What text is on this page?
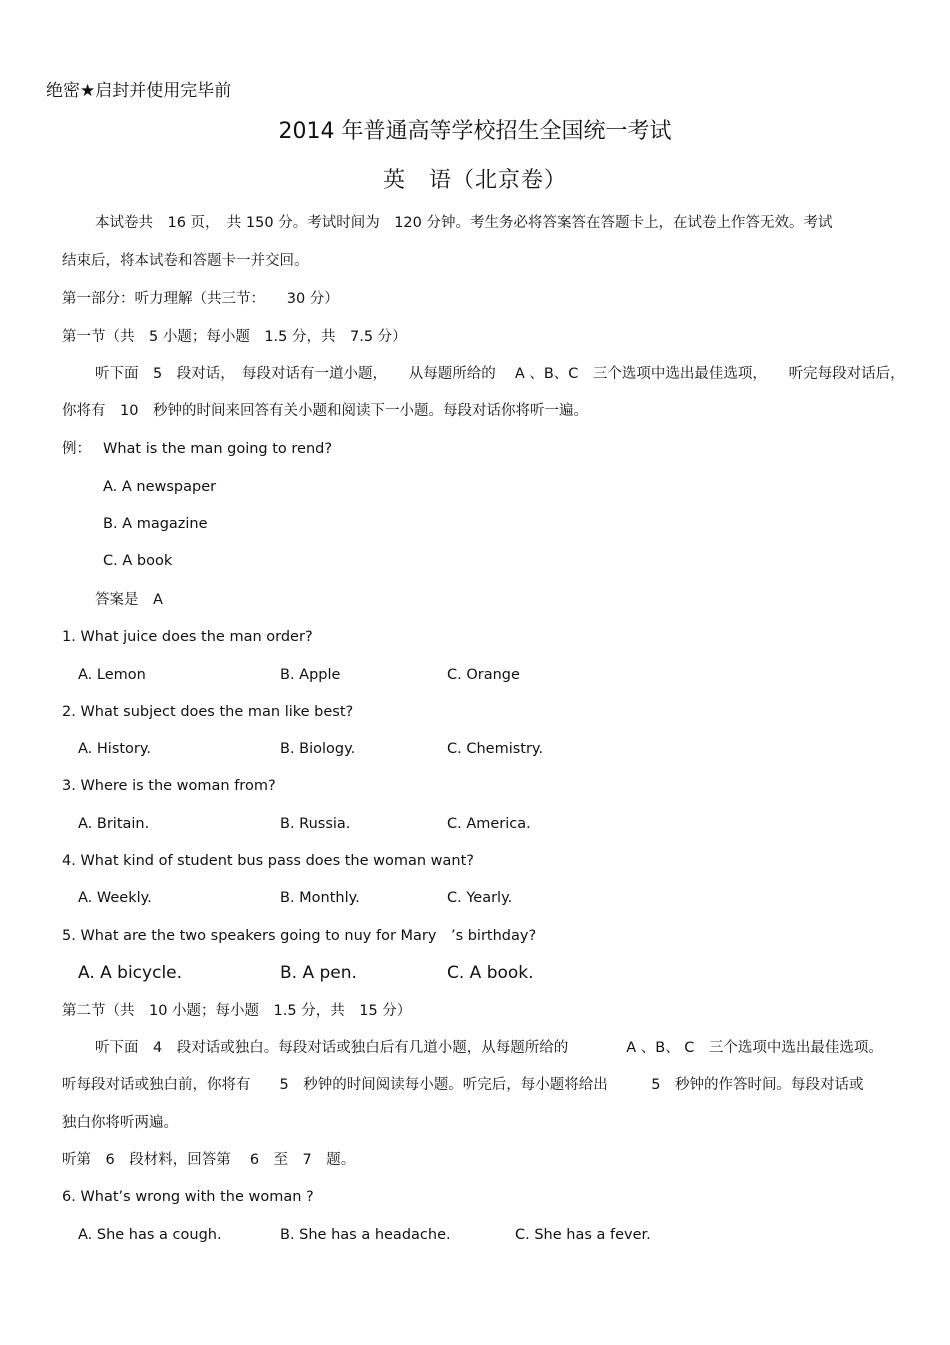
绝密★启封并使用完毕前
2014 年普通高等学校招生全国统一考试
英　语（北京卷）
本试卷共　16 页，　共 150 分。考试时间为　120 分钟。考生务必将答案答在答题卡上，在试卷上作答无效。考试
结束后，将本试卷和答题卡一并交回。
第一部分：听力理解（共三节：　　30 分）
第一节（共　5 小题；每小题　1.5 分，共　7.5 分）
听下面　5　段对话，　每段对话有一道小题，　　从每题所给的　 A 、B、C　三个选项中选出最佳选项，　　听完每段对话后，
你将有　10　秒钟的时间来回答有关小题和阅读下一小题。每段对话你将听一遍。
例： What is the man going to rend?
A. A newspaper
B. A magazine
C. A book
答案是　A
1. What juice does the man order?
A. Lemon	B. Apple	C. Orange
2. What subject does the man like best?
A. History.	B. Biology.	C. Chemistry.
3. Where is the woman from?
A. Britain.	B. Russia.	C. America.
4. What kind of student bus pass does the woman want?
A. Weekly.	B. Monthly.	C. Yearly.
5. What are the two speakers going to nuy for Mary　’s birthday?
A. A bicycle.	B. A pen.	C. A book.
第二节（共　10 小题；每小题　1.5 分，共　15 分）
听下面　4　段对话或独白。每段对话或独白后有几道小题，从每题所给的　　　　A 、B、 C　三个选项中选出最佳选项。
听每段对话或独白前，你将有　　5　秒钟的时间阅读每小题。听完后，每小题将给出　　　5　秒钟的作答时间。每段对话或
独白你将听两遍。
听第　6　段材料，回答第　 6　至　7　题。
6. What’s wrong with the woman ?
A. She has a cough.	B. She has a headache.	C. She has a fever.
